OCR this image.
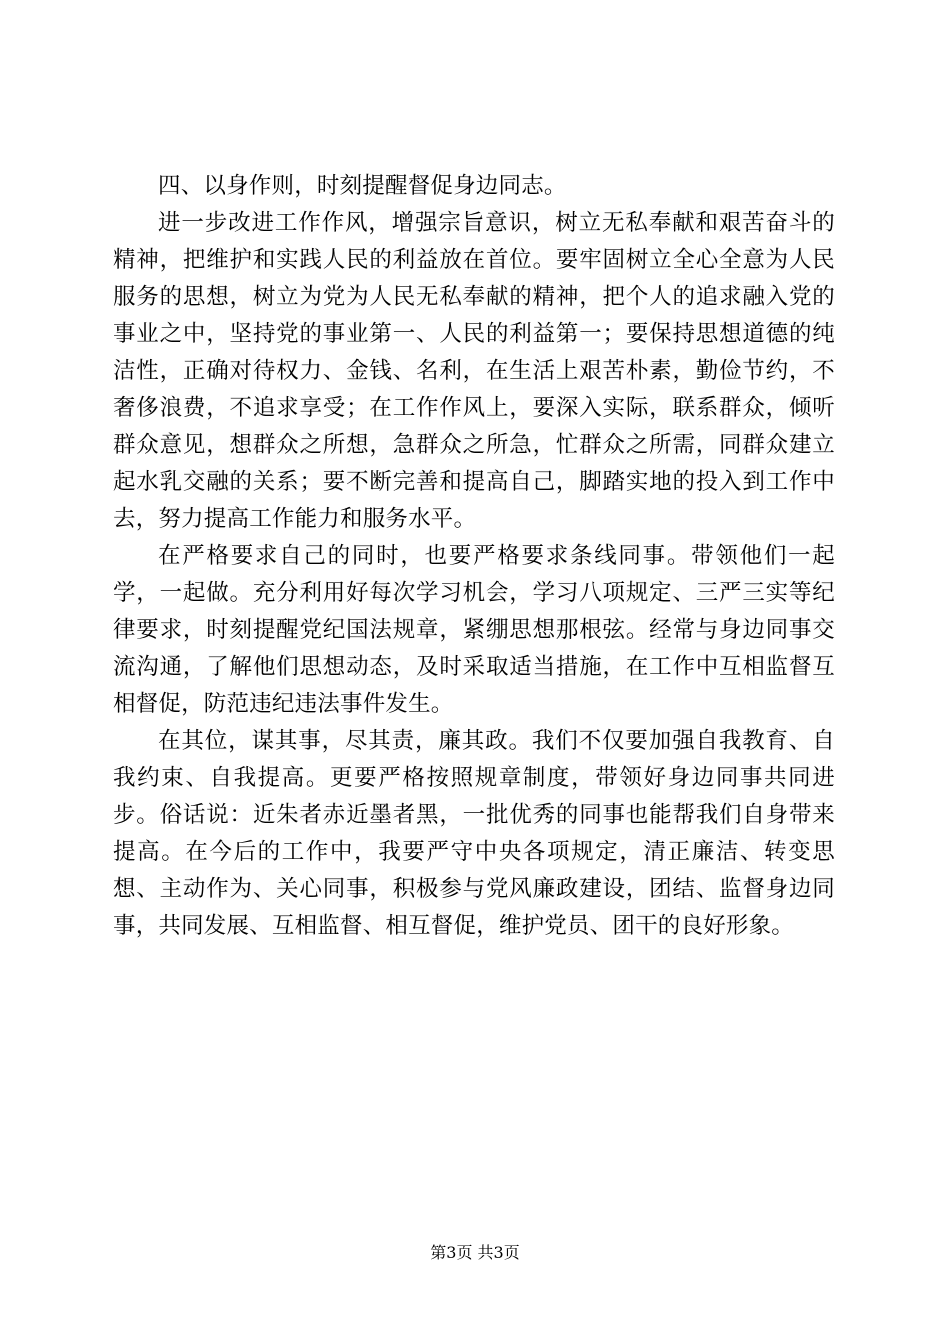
四、以身作则，时刻提醒督促身边同志。

进一步改进工作作风，增强宗旨意识，树立无私奉献和艰苦奋斗的精神，把维护和实践人民的利益放在首位。要牢固树立全心全意为人民服务的思想，树立为党为人民无私奉献的精神，把个人的追求融入党的事业之中，坚持党的事业第一、人民的利益第一；要保持思想道德的纯洁性，正确对待权力、金钱、名利，在生活上艰苦朴素，勤俭节约，不奢侈浪费，不追求享受；在工作作风上，要深入实际，联系群众，倾听群众意见，想群众之所想，急群众之所急，忙群众之所需，同群众建立起水乳交融的关系；要不断完善和提高自己，脚踏实地的投入到工作中去，努力提高工作能力和服务水平。

在严格要求自己的同时，也要严格要求条线同事。带领他们一起学，一起做。充分利用好每次学习机会，学习八项规定、三严三实等纪律要求，时刻提醒党纪国法规章，紧绷思想那根弦。经常与身边同事交流沟通，了解他们思想动态，及时采取适当措施，在工作中互相监督互相督促，防范违纪违法事件发生。

在其位，谋其事，尽其责，廉其政。我们不仅要加强自我教育、自我约束、自我提高。更要严格按照规章制度，带领好身边同事共同进步。俗话说：近朱者赤近墨者黑，一批优秀的同事也能帮我们自身带来提高。在今后的工作中，我要严守中央各项规定，清正廉洁、转变思想、主动作为、关心同事，积极参与党风廉政建设，团结、监督身边同事，共同发展、互相监督、相互督促，维护党员、团干的良好形象。

第3页 共3页
